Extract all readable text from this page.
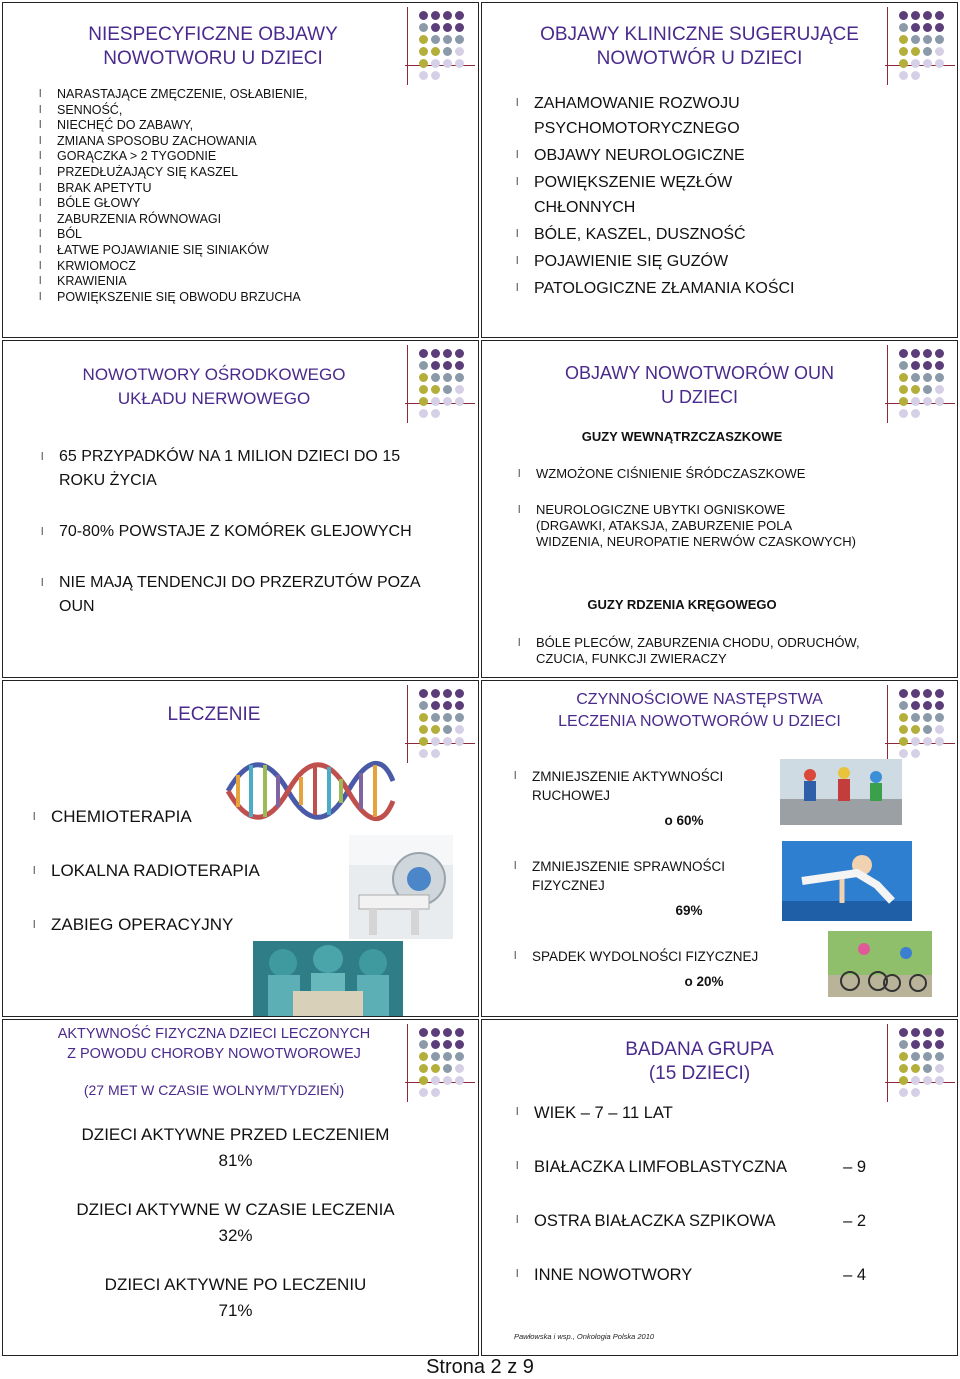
NIESPECYFICZNE OBJAWY
NOWOTWORU U DZIECI
l NARASTAJĄCE ZMĘCZENIE, OSŁABIENIE,
l SENNOŚĆ,
l NIECHĘĆ DO ZABAWY,
l ZMIANA SPOSOBU ZACHOWANIA
l GORĄCZKA > 2 TYGODNIE
l PRZEDŁUŻAJĄCY SIĘ KASZEL
l BRAK APETYTU
l BÓLE GŁOWY
l ZABURZENIA RÓWNOWAGI
l BÓL
l ŁATWE POJAWIANIE SIĘ SINIAKÓW
l KRWIOMOCZ
l KRAWIENIA
l POWIĘKSZENIE SIĘ OBWODU BRZUCHA
OBJAWY KLINICZNE SUGERUJĄCE
NOWOTWÓR U DZIECI
l ZAHAMOWANIE ROZWOJU PSYCHOMOTORYCZNEGO
l OBJAWY NEUROLOGICZNE
l POWIĘKSZENIE WĘZŁÓW CHŁONNYCH
l BÓLE, KASZEL, DUSZNOŚĆ
l POJAWIENIE SIĘ GUZÓW
l PATOLOGICZNE ZŁAMANIA KOŚCI
NOWOTWORY OŚRODKOWEGO
UKŁADU NERWOWEGO
l 65 PRZYPADKÓW NA 1 MILION DZIECI DO 15 ROKU ŻYCIA
l 70-80% POWSTAJE Z KOMÓREK GLEJOWYCH
l NIE MAJĄ TENDENCJI DO PRZERZUTÓW POZA OUN
OBJAWY NOWOTWORÓW OUN
U DZIECI
GUZY WEWNĄTRZCZASZKOWE
l WZMOŻONE CIŚNIENIE ŚRÓDCZASZKOWE
l NEUROLOGICZNE UBYTKI OGNISKOWE (DRGAWKI, ATAKSJA, ZABURZENIE POLA WIDZENIA, NEUROPATIE NERWÓW CZASKOWYCH)
GUZY RDZENIA KRĘGOWEGO
l BÓLE PLECÓW, ZABURZENIA CHODU, ODRUCHÓW, CZUCIA, FUNKCJI ZWIERACZY
LECZENIE
l CHEMIOTERAPIA
l LOKALNA RADIOTERAPIA
l ZABIEG OPERACYJNY
CZYNNOŚCIOWE NASTĘPSTWA
LECZENIA NOWOTWORÓW U DZIECI
l ZMNIEJSZENIE AKTYWNOŚCI RUCHOWEJ
o 60%
l ZMNIEJSZENIE SPRAWNOŚCI FIZYCZNEJ
69%
l SPADEK WYDOLNOŚCI FIZYCZNEJ
o 20%
AKTYWNOŚĆ FIZYCZNA DZIECI LECZONYCH
Z POWODU CHOROBY NOWOTWOROWEJ
(27 MET W CZASIE WOLNYM/TYDZIEŃ)
DZIECI AKTYWNE PRZED LECZENIEM
81%
DZIECI AKTYWNE W CZASIE LECZENIA
32%
DZIECI AKTYWNE PO LECZENIU
71%
BADANA GRUPA
(15 DZIECI)
l WIEK – 7 – 11 LAT
l BIAŁACZKA LIMFOBLASTYCZNA	– 9
l OSTRA BIAŁACZKA SZPIKOWA	– 2
l INNE NOWOTWORY	– 4
Pawłowska i wsp., Onkologia Polska 2010
Strona 2 z 9
